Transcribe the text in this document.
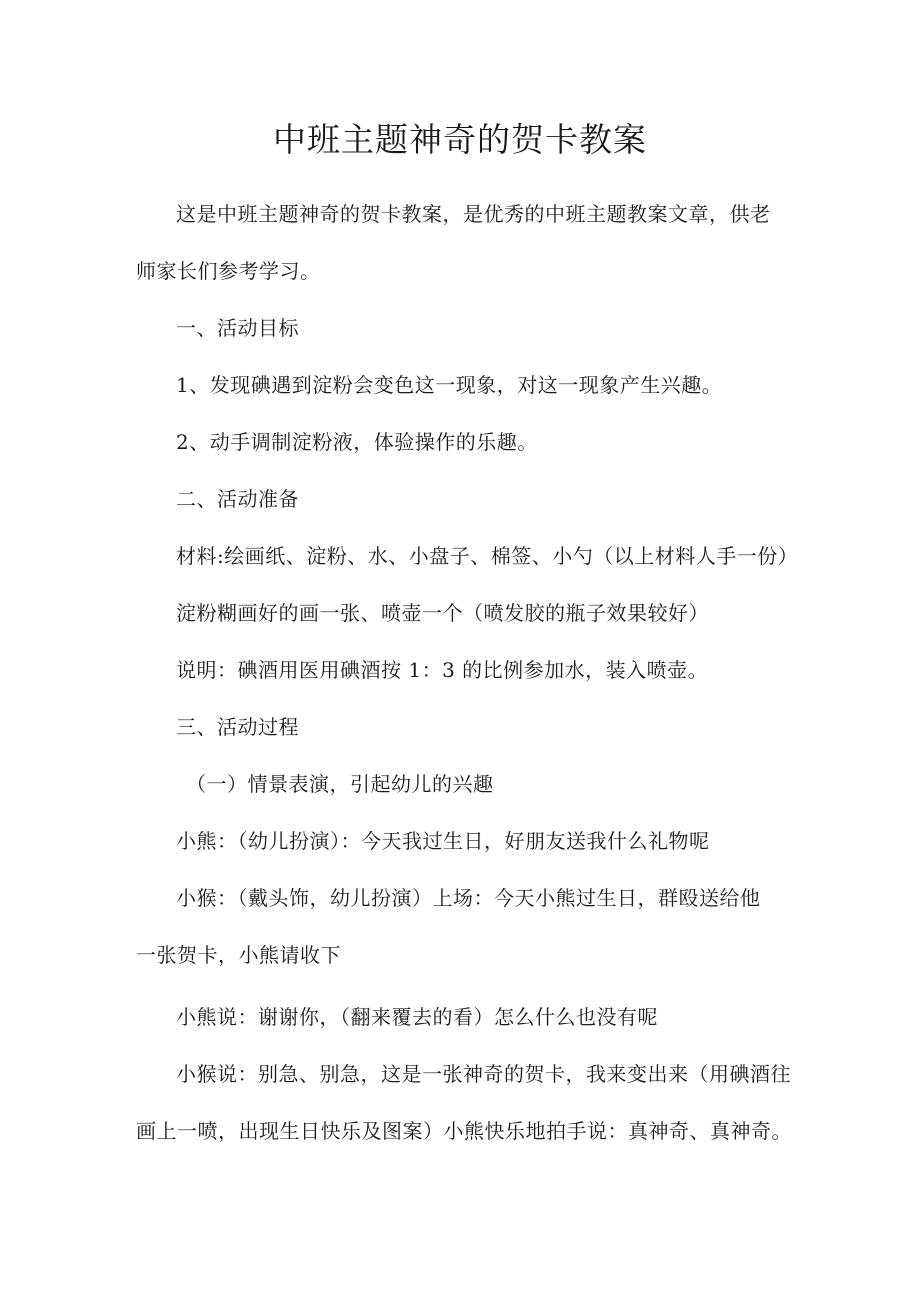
中班主题神奇的贺卡教案
这是中班主题神奇的贺卡教案，是优秀的中班主题教案文章，供老
师家长们参考学习。
一、活动目标
1、发现碘遇到淀粉会变色这一现象，对这一现象产生兴趣。
2、动手调制淀粉液，体验操作的乐趣。
二、活动准备
材料:绘画纸、淀粉、水、小盘子、棉签、小勺（以上材料人手一份）
淀粉糊画好的画一张、喷壶一个（喷发胶的瓶子效果较好）
说明：碘酒用医用碘酒按 1：3 的比例参加水，装入喷壶。
三、活动过程
（一）情景表演，引起幼儿的兴趣
小熊：（幼儿扮演）：今天我过生日，好朋友送我什么礼物呢
小猴：（戴头饰，幼儿扮演）上场：今天小熊过生日，群殴送给他
一张贺卡，小熊请收下
小熊说：谢谢你，（翻来覆去的看）怎么什么也没有呢
小猴说：别急、别急，这是一张神奇的贺卡，我来变出来（用碘酒往
画上一喷，出现生日快乐及图案）小熊快乐地拍手说：真神奇、真神奇。
